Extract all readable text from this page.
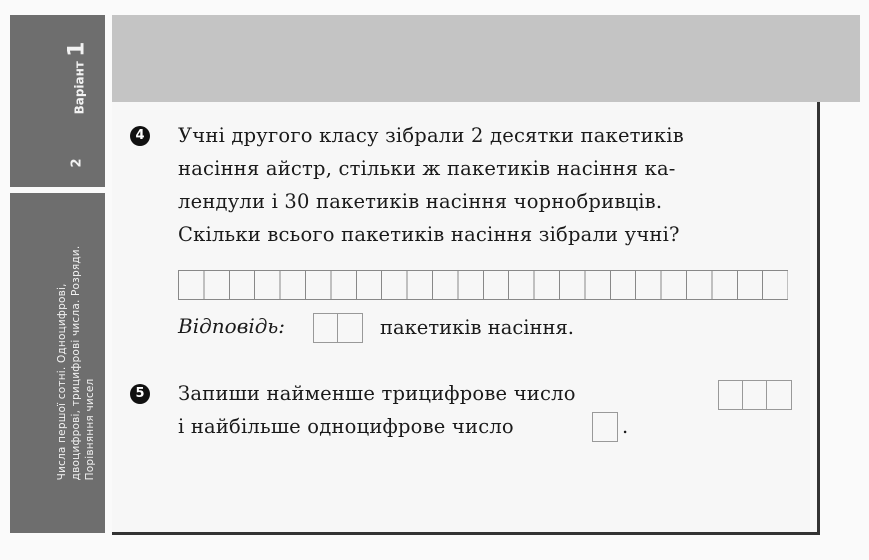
Варіант 1
2
Числа першої сотні. Одноцифрові, двоцифрові, трицифрові числа. Розряди. Порівняння чисел
4 Учні другого класу зібрали 2 десятки пакетиків
насіння айстр, стільки ж пакетиків насіння ка-
лендули і 30 пакетиків насіння чорнобривців.
Скільки всього пакетиків насіння зібрали учні?
Відповідь:	пакетиків насіння.
5 Запиши найменше трицифрове число
і найбільше одноцифрове число	.
